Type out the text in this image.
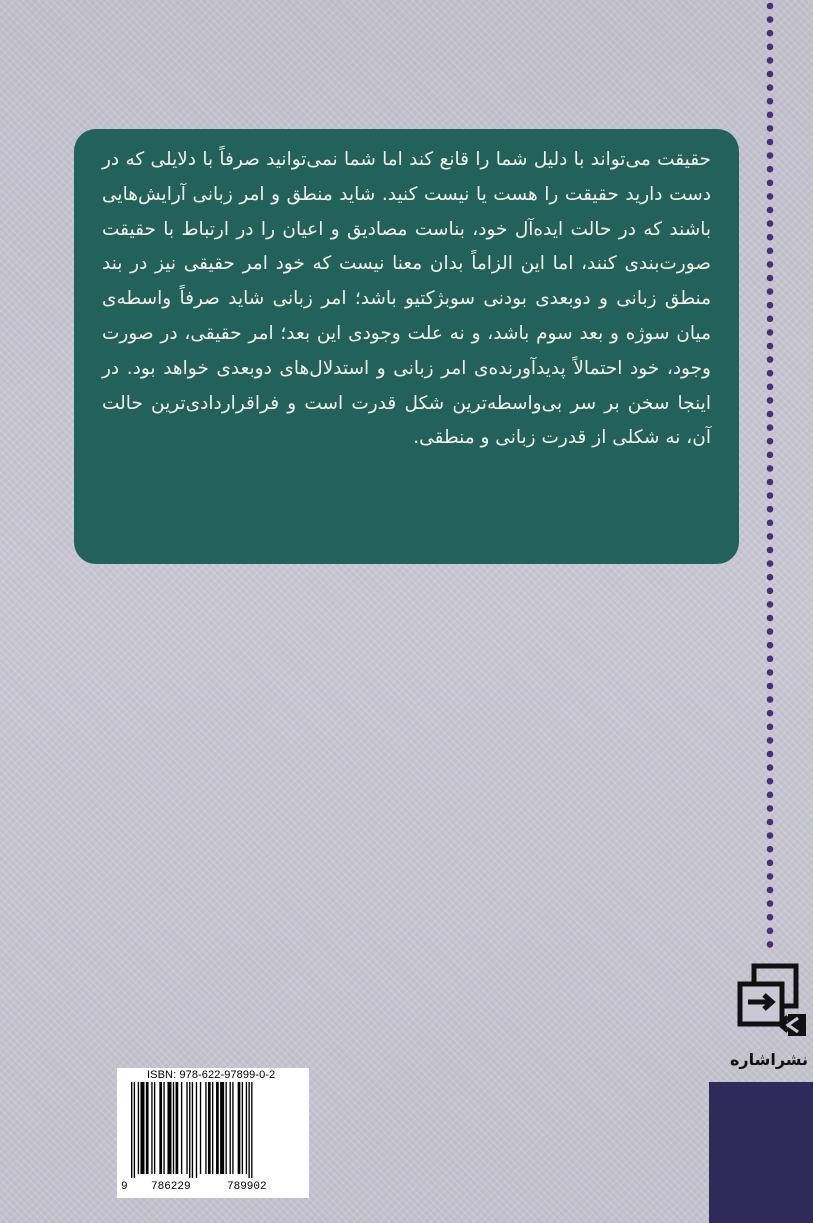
حقیقت می‌تواند با دلیل شما را قانع کند اما شما نمی‌توانید صرفاً با دلایلی که در دست دارید حقیقت را هست یا نیست کنید. شاید منطق و امر زبانی آرایش‌هایی باشند که در حالت ایده‌آل خود، بناست مصادیق و اعیان را در ارتباط با حقیقت صورت‌بندی کنند، اما این الزاماً بدان معنا نیست که خود امر حقیقی نیز در بند منطق زبانی و دوبعدی بودنی سوبژکتیو باشد؛ امر زبانی شاید صرفاً واسطه‌ی میان سوژه و بعد سوم باشد، و نه علت وجودی این بعد؛ امر حقیقی، در صورت وجود، خود احتمالاً پدیدآورنده‌ی امر زبانی و استدلال‌های دوبعدی خواهد بود. در اینجا سخن بر سر بی‌واسطه‌ترین شکل قدرت است و فراقراردادی‌ترین حالت آن، نه شکلی از قدرت زبانی و منطقی.

نشراشاره
ISBN: 978-622-97899-0-2
9 786229	789902
